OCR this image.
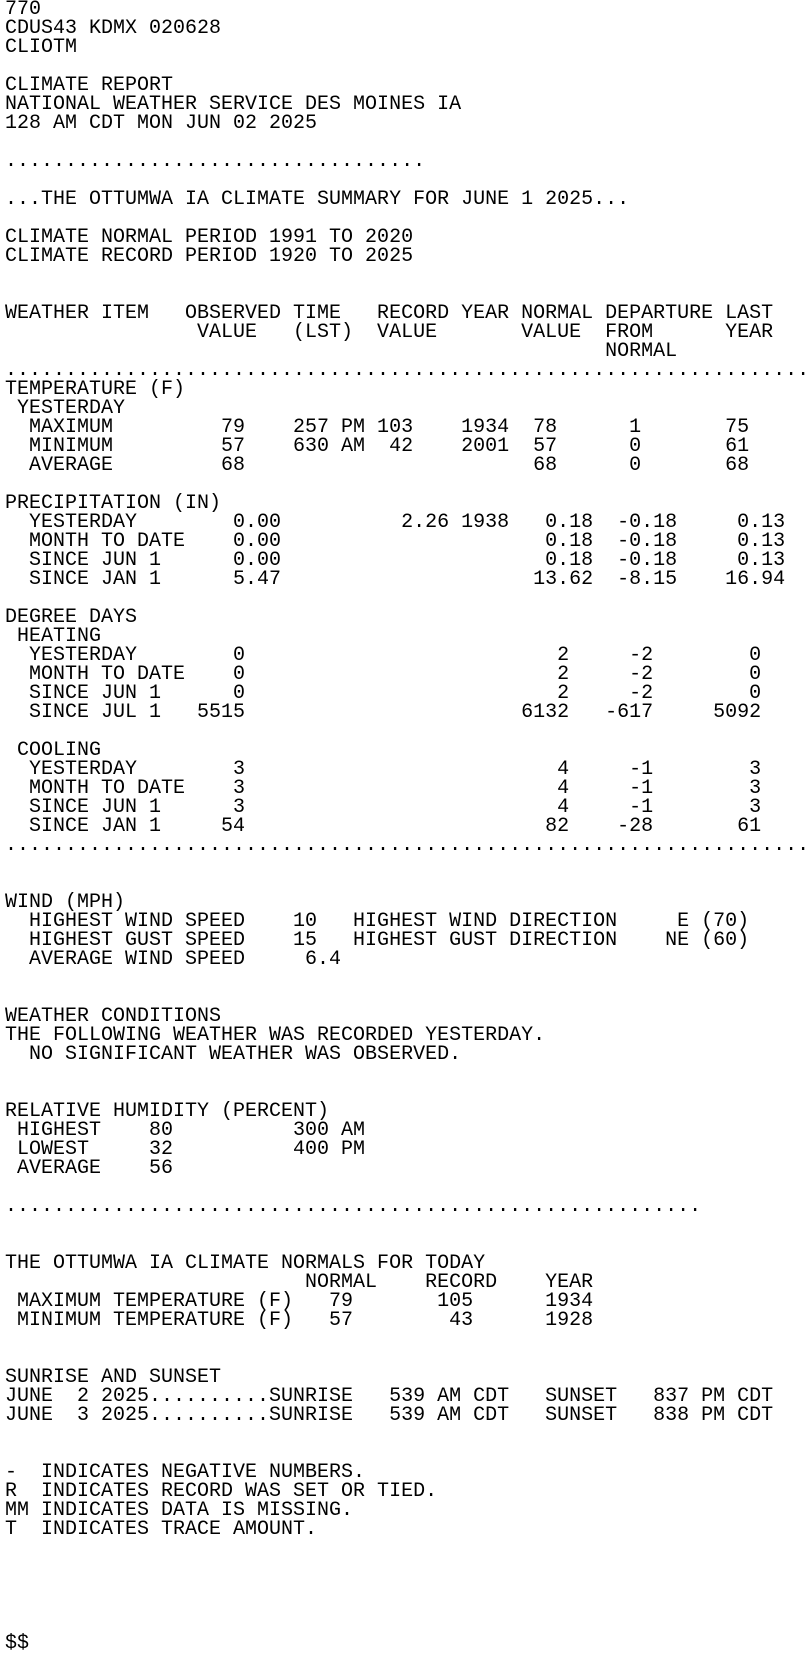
770
CDUS43 KDMX 020628
CLIOTM
CLIMATE REPORT
NATIONAL WEATHER SERVICE DES MOINES IA
128 AM CDT MON JUN 02 2025
...................................
...THE OTTUMWA IA CLIMATE SUMMARY FOR JUNE 1 2025...
CLIMATE NORMAL PERIOD 1991 TO 2020
CLIMATE RECORD PERIOD 1920 TO 2025
WEATHER ITEM   OBSERVED TIME   RECORD YEAR NORMAL DEPARTURE LAST
VALUE   (LST)  VALUE       VALUE  FROM      YEAR
NORMAL
...................................................................
TEMPERATURE (F)
YESTERDAY
MAXIMUM         79    257 PM 103    1934  78      1       75
MINIMUM         57    630 AM  42    2001  57      0       61
AVERAGE         68                        68      0       68
PRECIPITATION (IN)
YESTERDAY        0.00          2.26 1938   0.18  -0.18     0.13
MONTH TO DATE    0.00                      0.18  -0.18     0.13
SINCE JUN 1      0.00                      0.18  -0.18     0.13
SINCE JAN 1      5.47                     13.62  -8.15    16.94
DEGREE DAYS
HEATING
YESTERDAY        0                          2     -2        0
MONTH TO DATE    0                          2     -2        0
SINCE JUN 1      0                          2     -2        0
SINCE JUL 1   5515                       6132   -617     5092
COOLING
YESTERDAY        3                          4     -1        3
MONTH TO DATE    3                          4     -1        3
SINCE JUN 1      3                          4     -1        3
SINCE JAN 1     54                         82    -28       61
...................................................................
WIND (MPH)
HIGHEST WIND SPEED    10   HIGHEST WIND DIRECTION     E (70)
HIGHEST GUST SPEED    15   HIGHEST GUST DIRECTION    NE (60)
AVERAGE WIND SPEED     6.4
WEATHER CONDITIONS
THE FOLLOWING WEATHER WAS RECORDED YESTERDAY.
NO SIGNIFICANT WEATHER WAS OBSERVED.
RELATIVE HUMIDITY (PERCENT)
HIGHEST    80          300 AM
LOWEST     32          400 PM
AVERAGE    56
..........................................................
THE OTTUMWA IA CLIMATE NORMALS FOR TODAY
NORMAL    RECORD    YEAR
MAXIMUM TEMPERATURE (F)   79       105      1934
MINIMUM TEMPERATURE (F)   57        43      1928
SUNRISE AND SUNSET
JUNE  2 2025..........SUNRISE   539 AM CDT   SUNSET   837 PM CDT
JUNE  3 2025..........SUNRISE   539 AM CDT   SUNSET   838 PM CDT
-  INDICATES NEGATIVE NUMBERS.
R  INDICATES RECORD WAS SET OR TIED.
MM INDICATES DATA IS MISSING.
T  INDICATES TRACE AMOUNT.
$$
